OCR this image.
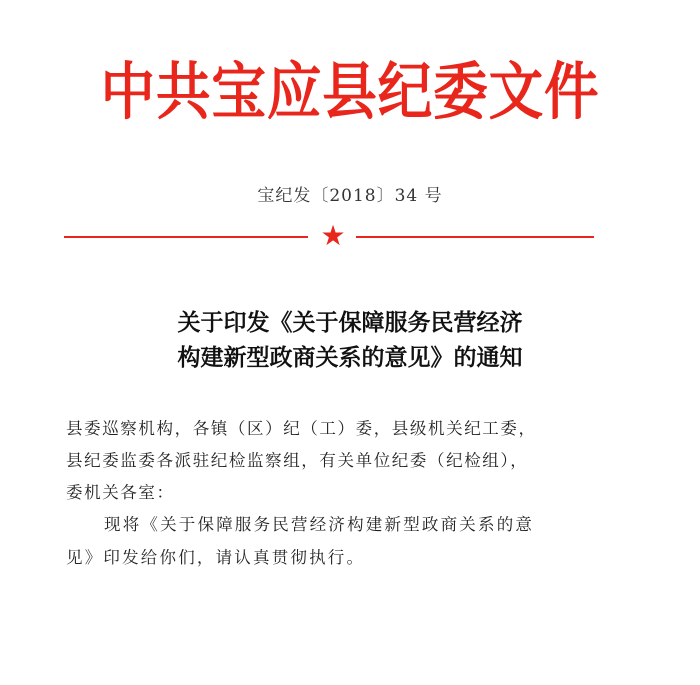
中共宝应县纪委文件
宝纪发〔2018〕34 号
★
关于印发《关于保障服务民营经济
构建新型政商关系的意见》的通知
县委巡察机构，各镇（区）纪（工）委，县级机关纪工委，
县纪委监委各派驻纪检监察组，有关单位纪委（纪检组），
委机关各室：
现将《关于保障服务民营经济构建新型政商关系的意
见》印发给你们，请认真贯彻执行。
